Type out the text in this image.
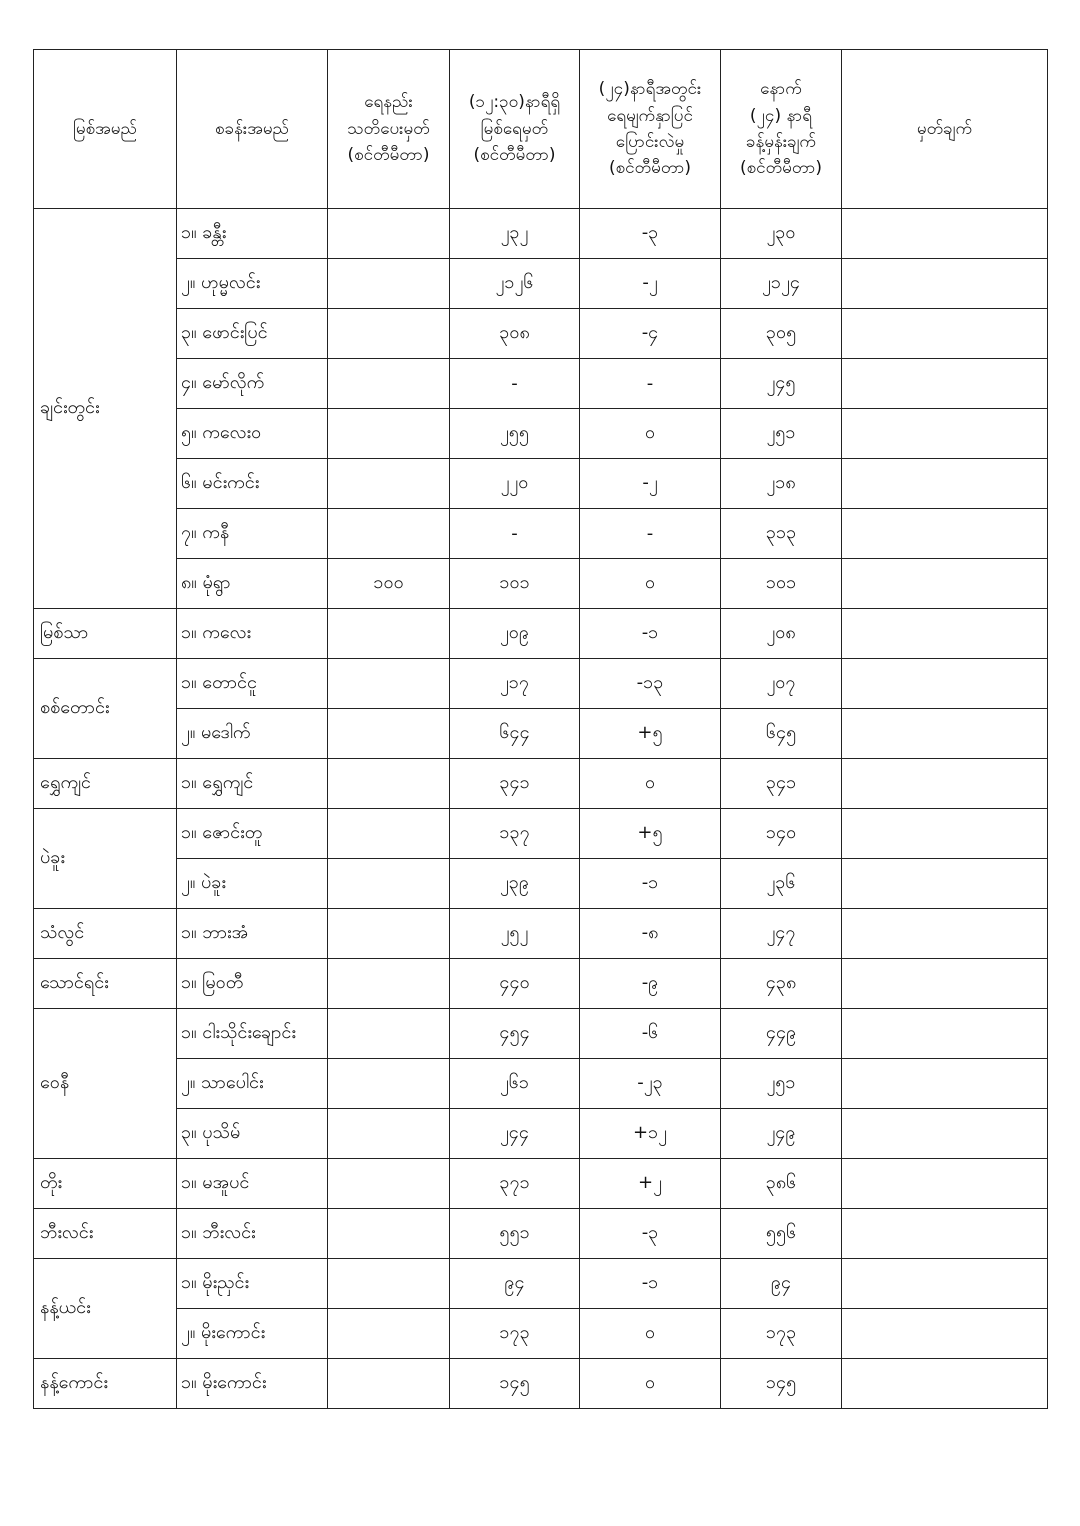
မြစ်အမည်	စခန်းအမည်	ရေနည်း
သတိပေးမှတ်
(စင်တီမီတာ)	(၁၂:၃၀)နာရီရှိ
မြစ်ရေမှတ်
(စင်တီမီတာ)	(၂၄)နာရီအတွင်း
ရေမျက်နှာပြင်
ပြောင်းလဲမှု
(စင်တီမီတာ)	နောက်
(၂၄) နာရီ
ခန့်မှန်းချက်
(စင်တီမီတာ)	မှတ်ချက်

ချင်းတွင်း	၁။ ခန္တီး		၂၃၂	-၃	၂၃၀	
	၂။ ဟုမ္မလင်း		၂၁၂၆	-၂	၂၁၂၄	
	၃။ ဖောင်းပြင်		၃၀၈	-၄	၃၀၅	
	၄။ မော်လိုက်		-	-	၂၄၅	
	၅။ ကလေးဝ		၂၅၅	၀	၂၅၁	
	၆။ မင်းကင်း		၂၂၀	-၂	၂၁၈	
	၇။ ကနီ		-	-	၃၁၃	
	၈။ မုံရွာ	၁၀၀	၁၀၁	၀	၁၀၁	
မြစ်သာ	၁။ ကလေး		၂၀၉	-၁	၂၀၈	
စစ်တောင်း	၁။ တောင်ငူ		၂၁၇	-၁၃	၂၀၇	
	၂။ မဒေါက်		၆၄၄	+၅	၆၄၅	
ရွှေကျင်	၁။ ရွှေကျင်		၃၄၁	၀	၃၄၁	
ပဲခူး	၁။ ဇောင်းတူ		၁၃၇	+၅	၁၄၀	
	၂။ ပဲခူး		၂၃၉	-၁	၂၃၆	
သံလွင်	၁။ ဘားအံ		၂၅၂	-၈	၂၄၇	
သောင်ရင်း	၁။ မြဝတီ		၄၄၀	-၉	၄၃၈	
ဝေနီ	၁။ ငါးသိုင်းချောင်း		၄၅၄	-၆	၄၄၉	
	၂။ သာပေါင်း		၂၆၁	-၂၃	၂၅၁	
	၃။ ပုသိမ်		၂၄၄	+၁၂	၂၄၉	
တိုး	၁။ မအူပင်		၃၇၁	+၂	၃၈၆	
ဘီးလင်း	၁။ ဘီးလင်း		၅၅၁	-၃	၅၅၆	
နန့်ယင်း	၁။ မိုးညှင်း		၉၄	-၁	၉၄	
	၂။ မိုးကောင်း		၁၇၃	၀	၁၇၃	
နန့်ကောင်း	၁။ မိုးကောင်း		၁၄၅	၀	၁၄၅	
